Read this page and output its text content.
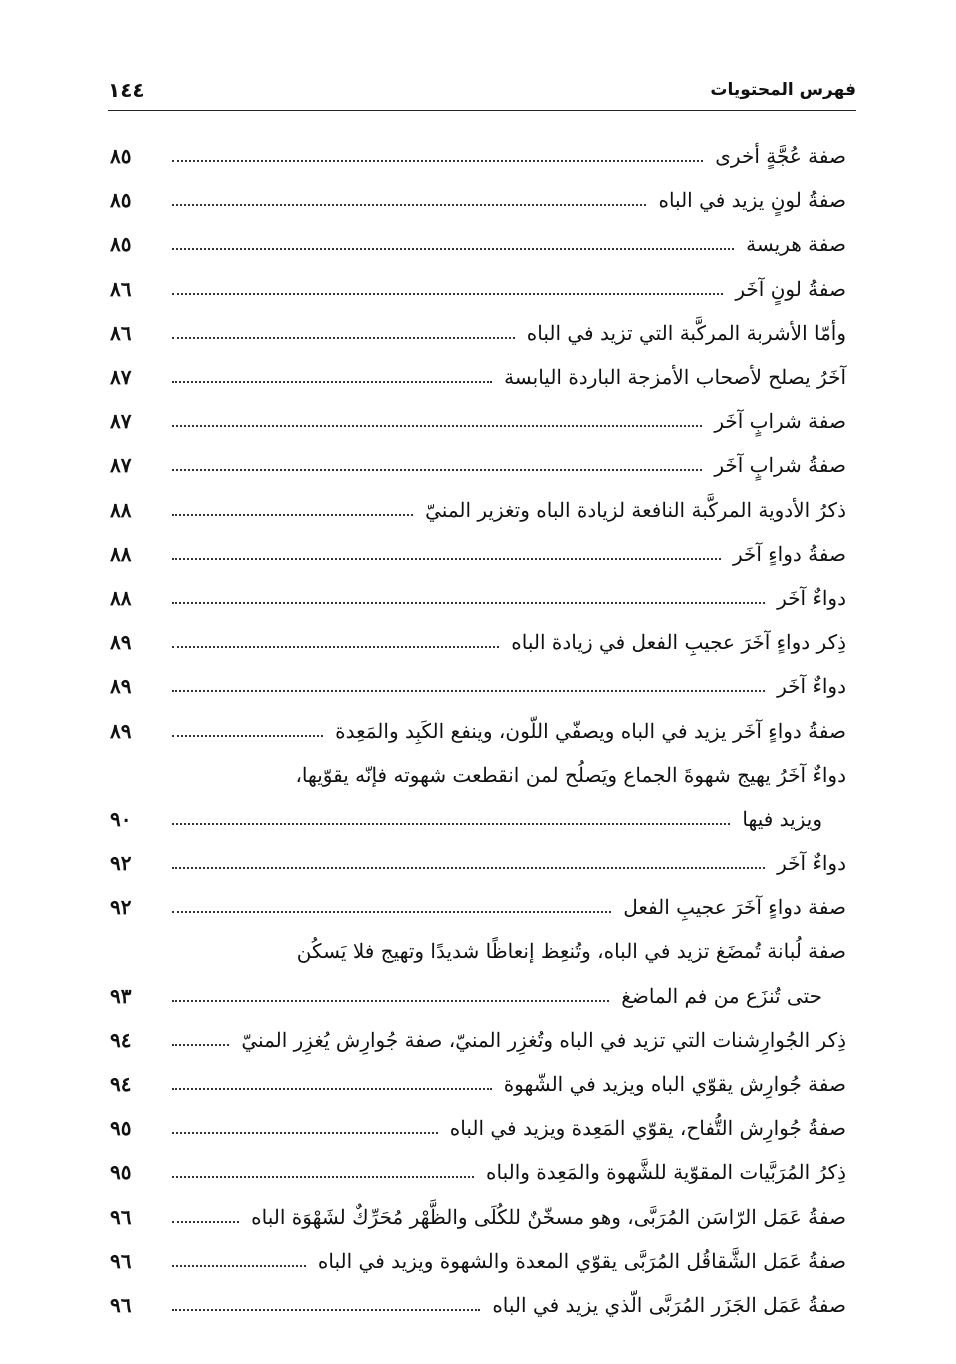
فهرس المحتويات
١٤٤
صفة عُجَّةٍ أخرى
٨٥
صفةُ لونٍ يزيد في الباه
٨٥
صفة هريسة
٨٥
صفةُ لونٍ آخَر
٨٦
وأمّا الأشربة المركَّبة التي تزيد في الباه
٨٦
آخَرُ يصلح لأصحاب الأمزجة الباردة اليابسة
٨٧
صفة شرابٍ آخَر
٨٧
صفةُ شرابٍ آخَر
٨٧
ذكرُ الأدوية المركَّبة النافعة لزيادة الباه وتغزير المنيّ
٨٨
صفةُ دواءٍ آخَر
٨٨
دواءٌ آخَر
٨٨
ذِكر دواءٍ آخَرَ عجيبِ الفعل في زيادة الباه
٨٩
دواءٌ آخَر
٨٩
صفةُ دواءٍ آخَر يزيد في الباه ويصفّي اللّون، وينفع الكَبِد والمَعِدة
٨٩
دواءٌ آخَرُ يهيج شهوةَ الجماع ويَصلُح لمن انقطعت شهوته فإنّه يقوّيها،
ويزيد فيها
٩٠
دواءٌ آخَر
٩٢
صفة دواءٍ آخَرَ عجيبِ الفعل
٩٢
صفة لُبانة تُمضَغ تزيد في الباه، وتُنعِظ إنعاظًا شديدًا وتهيج فلا يَسكُن
حتى تُنزَع من فم الماضغ
٩٣
ذِكر الجُوارِشنات التي تزيد في الباه وتُغزِر المنيّ، صفة جُوارِش يُغزِر المنيّ
٩٤
صفة جُوارِش يقوّي الباه ويزيد في الشّهوة
٩٤
صفةُ جُوارِش التُّفاح، يقوّي المَعِدة ويزيد في الباه
٩٥
ذِكرُ المُرَبَّيات المقوّية للشَّهوة والمَعِدة والباه
٩٥
صفةُ عَمَل الرّاسَن المُرَبَّى، وهو مسخّنٌ للكُلَى والظَّهْر مُحَرِّكٌ لشَهْوَة الباه
٩٦
صفةُ عَمَل الشَّقاقُل المُرَبَّى يقوّي المعدة والشهوة ويزيد في الباه
٩٦
صفةُ عَمَل الجَزَر المُرَبَّى الّذي يزيد في الباه
٩٦
